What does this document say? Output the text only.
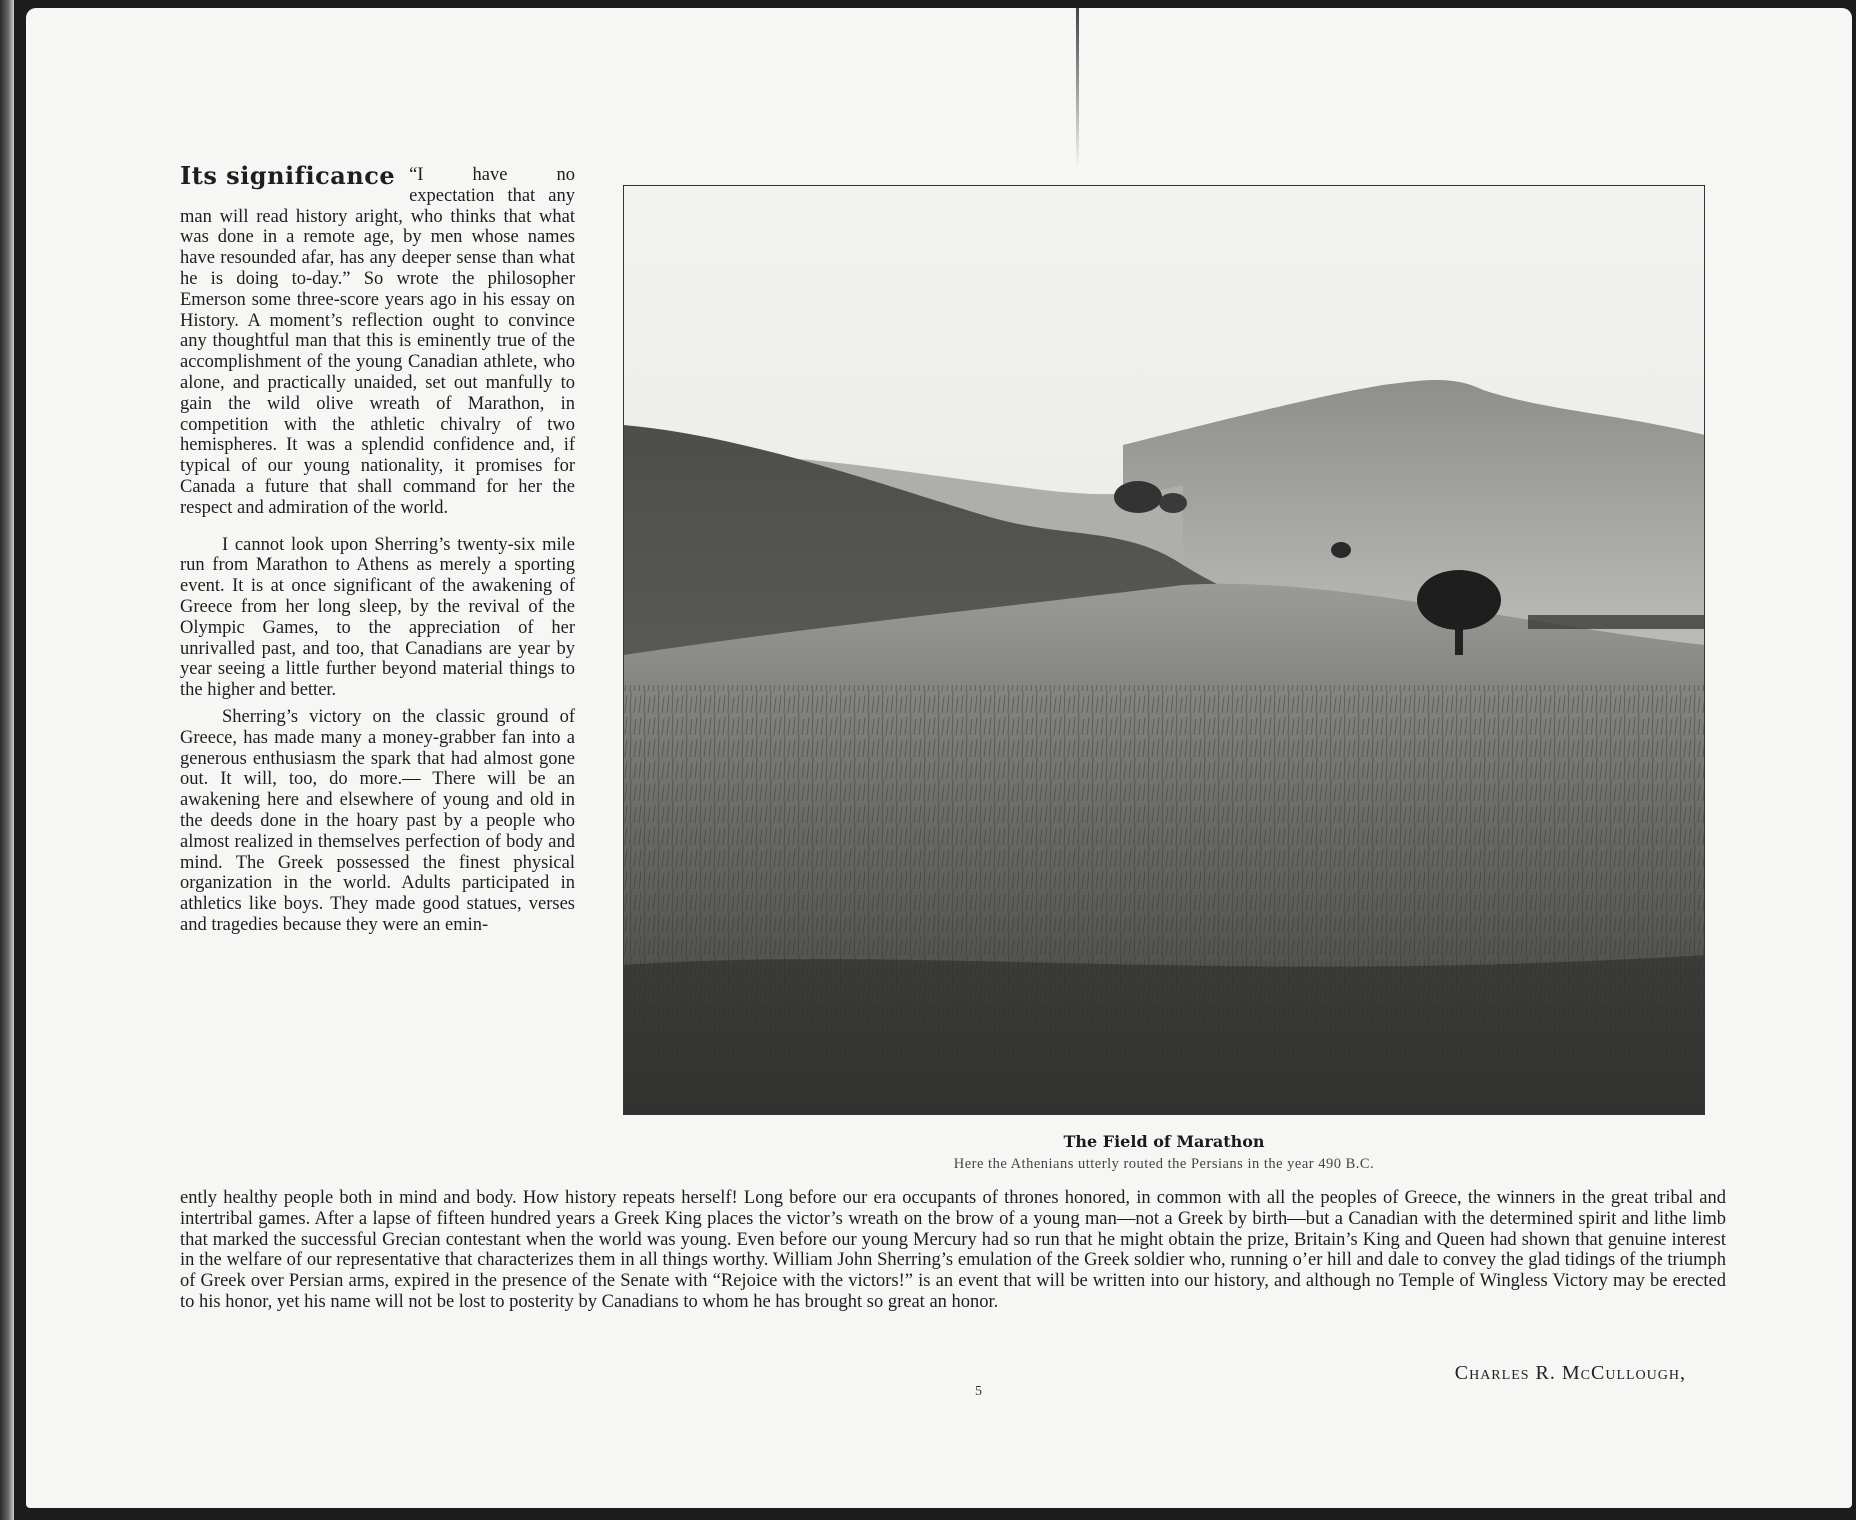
Its significance “I have no expectation that any man will read history aright, who thinks that what was done in a remote age, by men whose names have resounded afar, has any deeper sense than what he is doing to-day.” So wrote the philosopher Emerson some three-score years ago in his essay on History. A moment’s reflection ought to convince any thoughtful man that this is eminently true of the accomplishment of the young Canadian athlete, who alone, and practically unaided, set out manfully to gain the wild olive wreath of Marathon, in competition with the athletic chivalry of two hemispheres. It was a splendid confidence and, if typical of our young nationality, it promises for Canada a future that shall command for her the respect and admiration of the world.

I cannot look upon Sherring’s twenty-six mile run from Marathon to Athens as merely a sporting event. It is at once significant of the awakening of Greece from her long sleep, by the revival of the Olympic Games, to the appreciation of her unrivalled past, and too, that Canadians are year by year seeing a little further beyond material things to the higher and better.

Sherring’s victory on the classic ground of Greece, has made many a money-grabber fan into a generous enthusiasm the spark that had almost gone out. It will, too, do more.— There will be an awakening here and elsewhere of young and old in the deeds done in the hoary past by a people who almost realized in themselves perfection of body and mind. The Greek possessed the finest physical organization in the world. Adults participated in athletics like boys. They made good statues, verses and tragedies because they were an emin-

The Field of Marathon
Here the Athenians utterly routed the Persians in the year 490 B.C.
ently healthy people both in mind and body. How history repeats herself! Long before our era occupants of thrones honored, in common with all the peoples of Greece, the winners in the great tribal and intertribal games. After a lapse of fifteen hundred years a Greek King places the victor’s wreath on the brow of a young man—not a Greek by birth—but a Canadian with the determined spirit and lithe limb that marked the successful Grecian contestant when the world was young. Even before our young Mercury had so run that he might obtain the prize, Britain’s King and Queen had shown that genuine interest in the welfare of our representative that characterizes them in all things worthy. William John Sherring’s emulation of the Greek soldier who, running o’er hill and dale to convey the glad tidings of the triumph of Greek over Persian arms, expired in the presence of the Senate with “Rejoice with the victors!” is an event that will be written into our history, and although no Temple of Wingless Victory may be erected to his honor, yet his name will not be lost to posterity by Canadians to whom he has brought so great an honor.
Charles R. McCullough,
5
